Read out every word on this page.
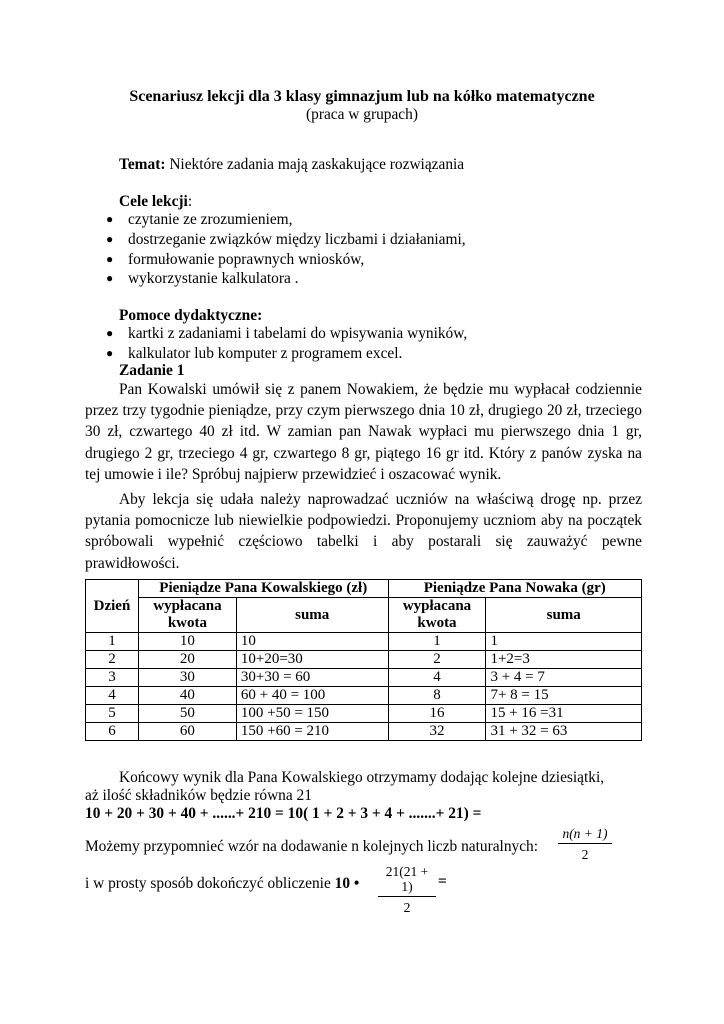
Scenariusz lekcji dla 3 klasy gimnazjum lub na kółko matematyczne
(praca w grupach)
Temat: Niektóre zadania mają zaskakujące rozwiązania
Cele lekcji:
● czytanie ze zrozumieniem,
● dostrzeganie związków między liczbami i działaniami,
● formułowanie poprawnych wniosków,
● wykorzystanie kalkulatora .
Pomoce dydaktyczne:
● kartki z zadaniami i tabelami do wpisywania wyników,
● kalkulator lub komputer z programem excel.
Zadanie 1
Pan Kowalski umówił się z panem Nowakiem, że będzie mu wypłacał codziennie przez trzy tygodnie pieniądze, przy czym pierwszego dnia 10 zł, drugiego 20 zł, trzeciego 30 zł, czwartego 40 zł itd. W zamian pan Nawak wypłaci mu pierwszego dnia 1 gr, drugiego 2 gr, trzeciego 4 gr, czwartego 8 gr, piątego 16 gr itd. Który z panów zyska na tej umowie i ile? Spróbuj najpierw przewidzieć i oszacować wynik.
Aby lekcja się udała należy naprowadzać uczniów na właściwą drogę np. przez pytania pomocnicze lub niewielkie podpowiedzi. Proponujemy uczniom aby na początek spróbowali wypełnić częściowo tabelki i aby postarali się zauważyć pewne prawidłowości.
Dzień	Pieniądze Pana Kowalskiego (zł)		Pieniądze Pana Nowaka (gr)	
	wypłacana kwota	suma	wypłacana kwota	suma
1	10	10	1	1
2	20	10+20=30	2	1+2=3
3	30	30+30 = 60	4	3 + 4 = 7
4	40	60 + 40 = 100	8	7+ 8 = 15
5	50	100 +50 = 150	16	15 + 16 =31
6	60	150 +60 = 210	32	31 + 32 = 63
Końcowy wynik dla Pana Kowalskiego otrzymamy dodając kolejne dziesiątki,
aż ilość składników będzie równa 21
10 + 20 + 30 + 40 + ......+ 210 = 10( 1 + 2 + 3 + 4 + .......+ 21) =
Możemy przypomnieć wzór na dodawanie n kolejnych liczb naturalnych: $\frac{n(n + 1)}{2}$
i w prosty sposób dokończyć obliczenie 10 • $\frac{21(21 + 1)}{2}$ =
